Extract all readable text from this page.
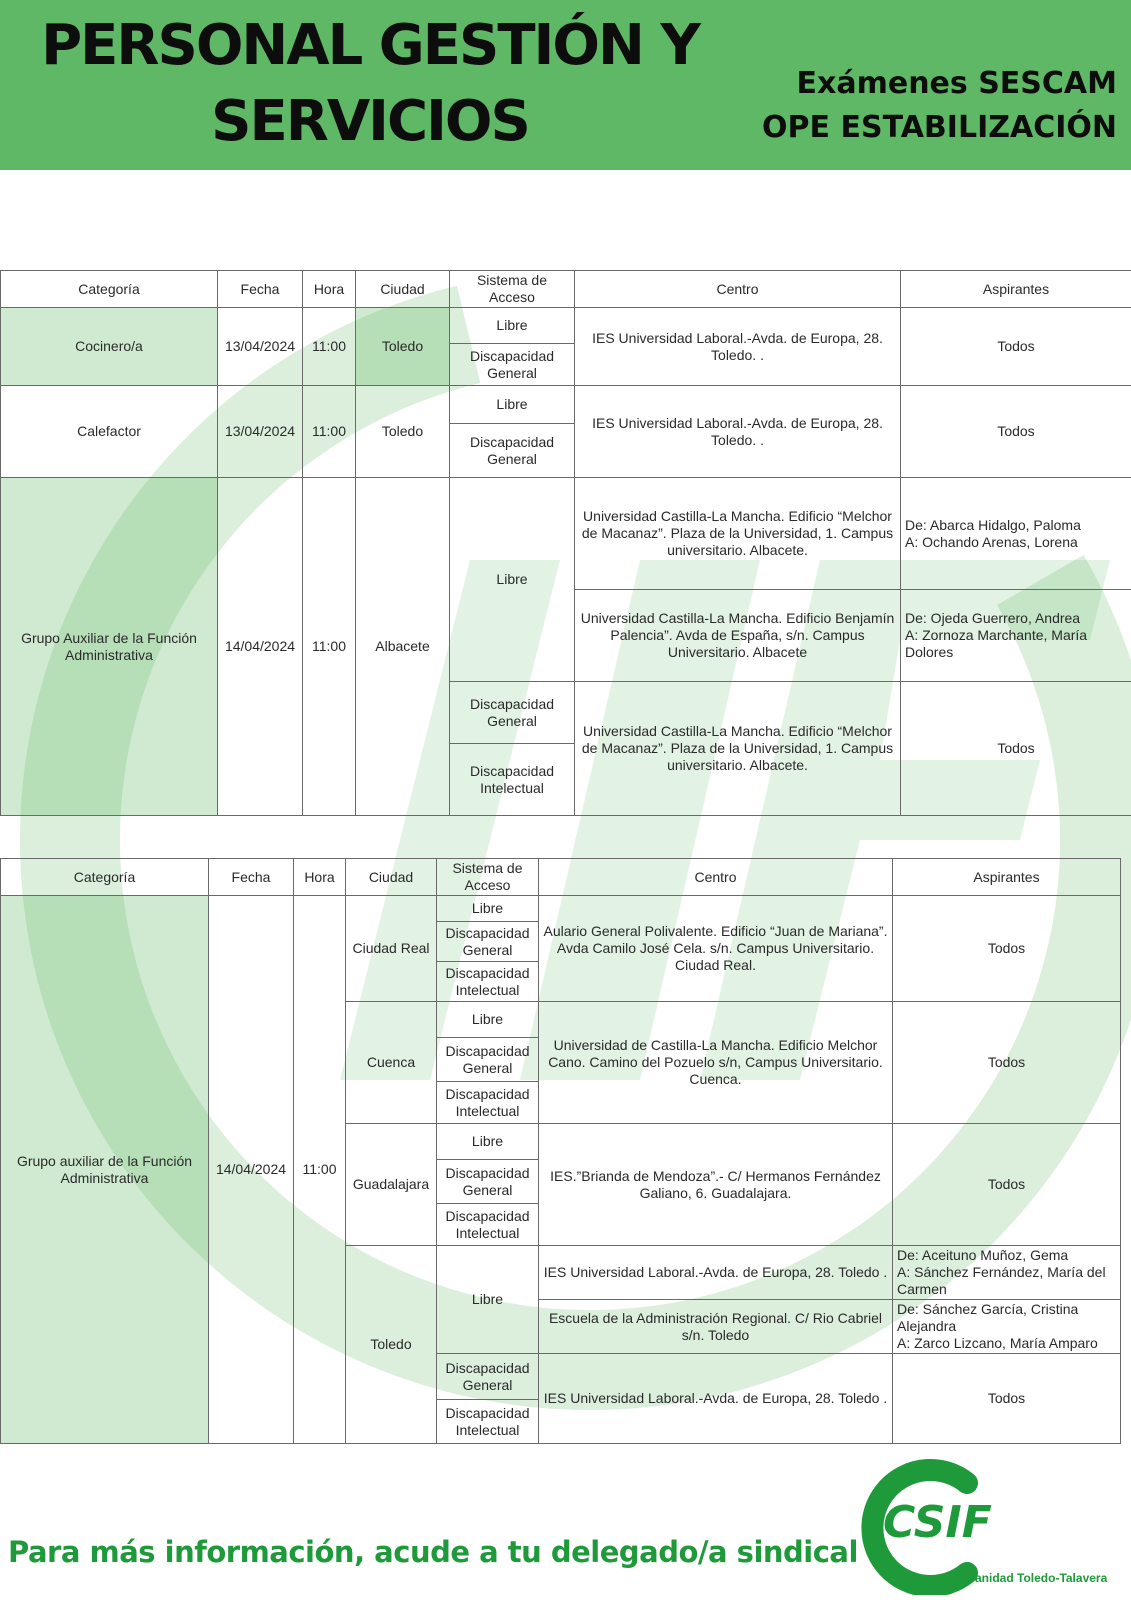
PERSONAL GESTIÓN Y
SERVICIOS
Exámenes SESCAM
OPE ESTABILIZACIÓN
Categoría	Fecha	Hora	Ciudad	Sistema de Acceso	Centro	Aspirantes
Cocinero/a	13/04/2024	11:00	Toledo	Libre	IES Universidad Laboral.-Avda. de Europa, 28. Toledo. .	Todos
				Discapacidad General		
Calefactor	13/04/2024	11:00	Toledo	Libre	IES Universidad Laboral.-Avda. de Europa, 28. Toledo. .	Todos
				Discapacidad General		
Grupo Auxiliar de la Función Administrativa	14/04/2024	11:00	Albacete	Libre	Universidad Castilla-La Mancha. Edificio “Melchor de Macanaz”. Plaza de la Universidad, 1. Campus universitario. Albacete.	De: Abarca Hidalgo, Paloma
A: Ochando Arenas, Lorena

					Universidad Castilla-La Mancha. Edificio Benjamín Palencia”. Avda de España, s/n. Campus Universitario. Albacete	De: Ojeda Guerrero, Andrea
A: Zornoza Marchante, María Dolores

				Discapacidad General	Universidad Castilla-La Mancha. Edificio “Melchor de Macanaz”. Plaza de la Universidad, 1. Campus universitario. Albacete.	Todos
				Discapacidad Intelectual		
Categoría	Fecha	Hora	Ciudad	Sistema de Acceso	Centro	Aspirantes
Grupo auxiliar de la Función Administrativa	14/04/2024	11:00	Ciudad Real	Libre	Aulario General Polivalente. Edificio “Juan de Mariana”. Avda Camilo José Cela. s/n. Campus Universitario. Ciudad Real.	Todos
				Discapacidad General		
				Discapacidad Intelectual		
			Cuenca	Libre	Universidad de Castilla-La Mancha. Edificio Melchor Cano. Camino del Pozuelo s/n, Campus Universitario. Cuenca.	Todos
				Discapacidad General		
				Discapacidad Intelectual		
			Guadalajara	Libre	IES.”Brianda de Mendoza”.- C/ Hermanos Fernández Galiano, 6. Guadalajara.	Todos
				Discapacidad General		
				Discapacidad Intelectual		
			Toledo	Libre	IES Universidad Laboral.-Avda. de Europa, 28. Toledo .	De: Aceituno Muñoz, Gema
A: Sánchez Fernández, María del Carmen

					Escuela de la Administración Regional. C/ Rio Cabriel s/n. Toledo	De: Sánchez García, Cristina Alejandra
A: Zarco Lizcano, María Amparo

				Discapacidad General	IES Universidad Laboral.-Avda. de Europa, 28. Toledo .	Todos
				Discapacidad Intelectual		
Para más información, acude a tu delegado/a sindical
CSIF
Sanidad Toledo-Talavera
